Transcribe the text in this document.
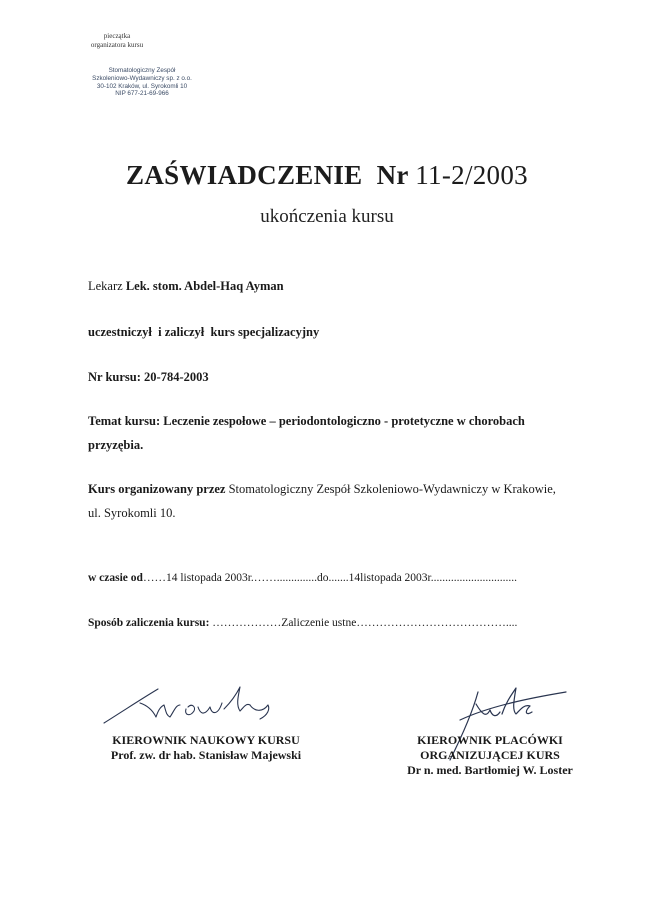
pieczątka
organizatora kursu
Stomatologiczny Zespół
Szkoleniowo-Wydawniczy sp. z o.o.
30-102 Kraków, ul. Syrokomli 10
NIP 677-21-69-966
ZAŚWIADCZENIE  Nr 11-2/2003
ukończenia kursu
Lekarz Lek. stom. Abdel-Haq Ayman
uczestniczył  i zaliczył  kurs specjalizacyjny
Nr kursu: 20-784-2003
Temat kursu: Leczenie zespołowe – periodontologiczno - protetyczne w chorobach
przyzębia.
Kurs organizowany przez Stomatologiczny Zespół Szkoleniowo-Wydawniczy w Krakowie,
ul. Syrokomli 10.
w czasie od……14 listopada 2003r.……..............do.......14listopada 2003r..............................
Sposób zaliczenia kursu: ………………Zaliczenie ustne…………………………………....
KIEROWNIK NAUKOWY KURSU
Prof. zw. dr hab. Stanisław Majewski
KIEROWNIK PLACÓWKI
ORGANIZUJĄCEJ KURS
Dr n. med. Bartłomiej W. Loster
